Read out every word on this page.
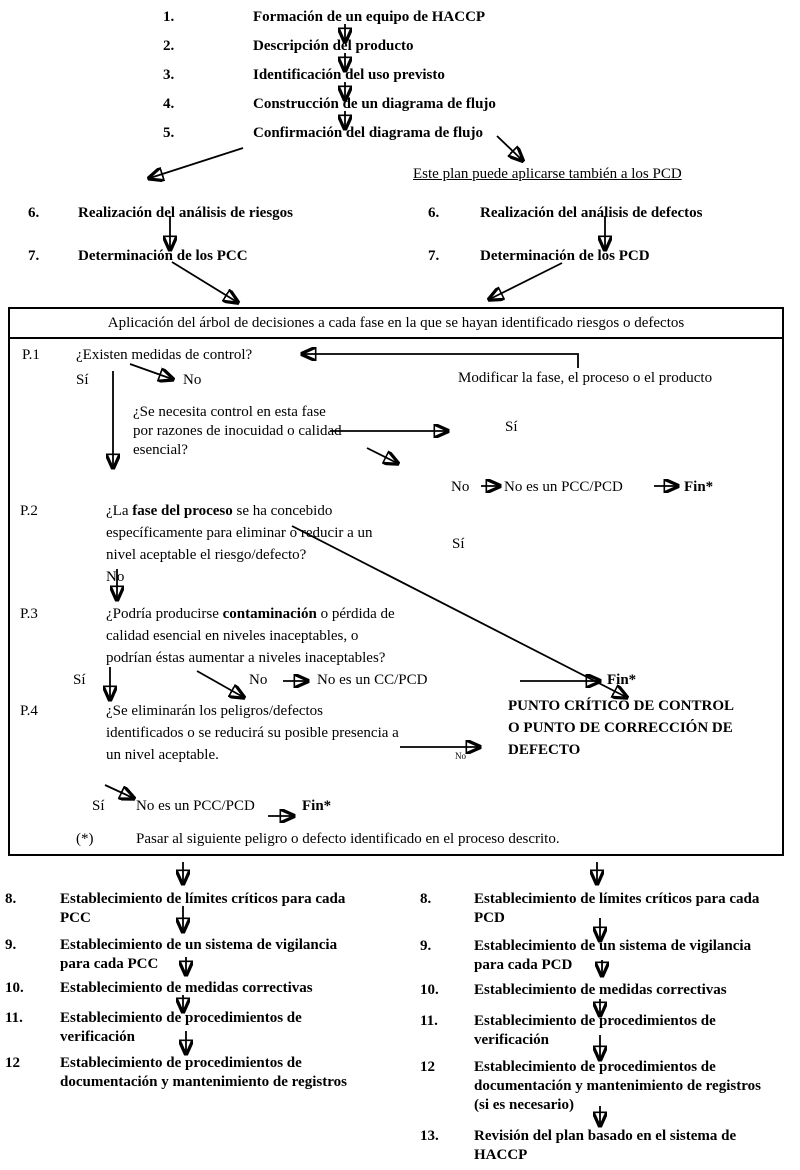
1.	Formación de un equipo de HACCP
2.	Descripción del producto
3.	Identificación del uso previsto
4.	Construcción de un diagrama de flujo
5.	Confirmación del diagrama de flujo
Este plan puede aplicarse también a los PCD
6.	Realización del análisis de riesgos
7.	Determinación de los PCC
6.	Realización del análisis de defectos
7.	Determinación de los PCD
Aplicación del árbol de decisiones a cada fase en la que se hayan identificado riesgos o defectos
P.1 ¿Existen medidas de control?
Sí	No	Modificar la fase, el proceso o el producto
¿Se necesita control en esta fase
por razones de inocuidad o calidad
esencial?
Sí
No No es un PCC/PCD	Fin*
P.2	¿La fase del proceso se ha concebido
específicamente para eliminar o reducir a un
nivel aceptable el riesgo/defecto?
No
Sí
P.3	¿Podría producirse contaminación o pérdida de
calidad esencial en niveles inaceptables, o
podrían éstas aumentar a niveles inaceptables?
Sí	No	No es un CC/PCD	Fin*
P.4	¿Se eliminarán los peligros/defectos
identificados o se reducirá su posible presencia a
un nivel aceptable.	No
PUNTO CRÍTICO DE CONTROL
O PUNTO DE CORRECCIÓN DE
DEFECTO
Sí No es un PCC/PCD	Fin*
(*)	Pasar al siguiente peligro o defecto identificado en el proceso descrito.
8.	Establecimiento de límites críticos para cada
PCC
9.	Establecimiento de un sistema de vigilancia
para cada PCC
10. Establecimiento de medidas correctivas
11. Establecimiento de procedimientos de
verificación
12	Establecimiento de procedimientos de
documentación y mantenimiento de registros
8.	Establecimiento de límites críticos para cada
PCD
9.	Establecimiento de un sistema de vigilancia
para cada PCD
10. Establecimiento de medidas correctivas
11. Establecimiento de procedimientos de
verificación
12	Establecimiento de procedimientos de
documentación y mantenimiento de registros
(si es necesario)
13. Revisión del plan basado en el sistema de
HACCP
